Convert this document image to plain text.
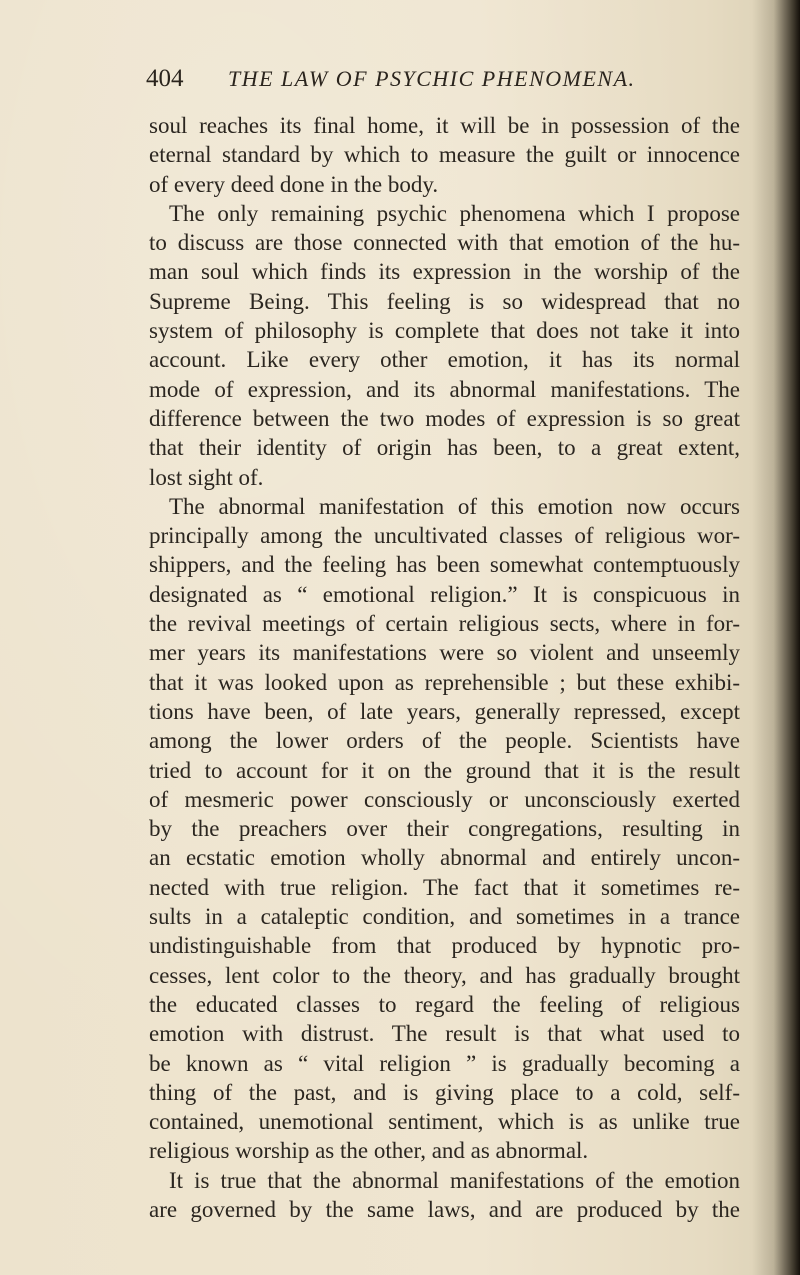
404 THE LAW OF PSYCHIC PHENOMENA.
soul reaches its final home, it will be in possession of the
eternal standard by which to measure the guilt or innocence
of every deed done in the body.
The only remaining psychic phenomena which I propose
to discuss are those connected with that emotion of the hu-
man soul which finds its expression in the worship of the
Supreme Being. This feeling is so widespread that no
system of philosophy is complete that does not take it into
account. Like every other emotion, it has its normal
mode of expression, and its abnormal manifestations. The
difference between the two modes of expression is so great
that their identity of origin has been, to a great extent,
lost sight of.
The abnormal manifestation of this emotion now occurs
principally among the uncultivated classes of religious wor-
shippers, and the feeling has been somewhat contemptuously
designated as “ emotional religion.” It is conspicuous in
the revival meetings of certain religious sects, where in for-
mer years its manifestations were so violent and unseemly
that it was looked upon as reprehensible ; but these exhibi-
tions have been, of late years, generally repressed, except
among the lower orders of the people. Scientists have
tried to account for it on the ground that it is the result
of mesmeric power consciously or unconsciously exerted
by the preachers over their congregations, resulting in
an ecstatic emotion wholly abnormal and entirely uncon-
nected with true religion. The fact that it sometimes re-
sults in a cataleptic condition, and sometimes in a trance
undistinguishable from that produced by hypnotic pro-
cesses, lent color to the theory, and has gradually brought
the educated classes to regard the feeling of religious
emotion with distrust. The result is that what used to
be known as “ vital religion ” is gradually becoming a
thing of the past, and is giving place to a cold, self-
contained, unemotional sentiment, which is as unlike true
religious worship as the other, and as abnormal.
It is true that the abnormal manifestations of the emotion
are governed by the same laws, and are produced by the
